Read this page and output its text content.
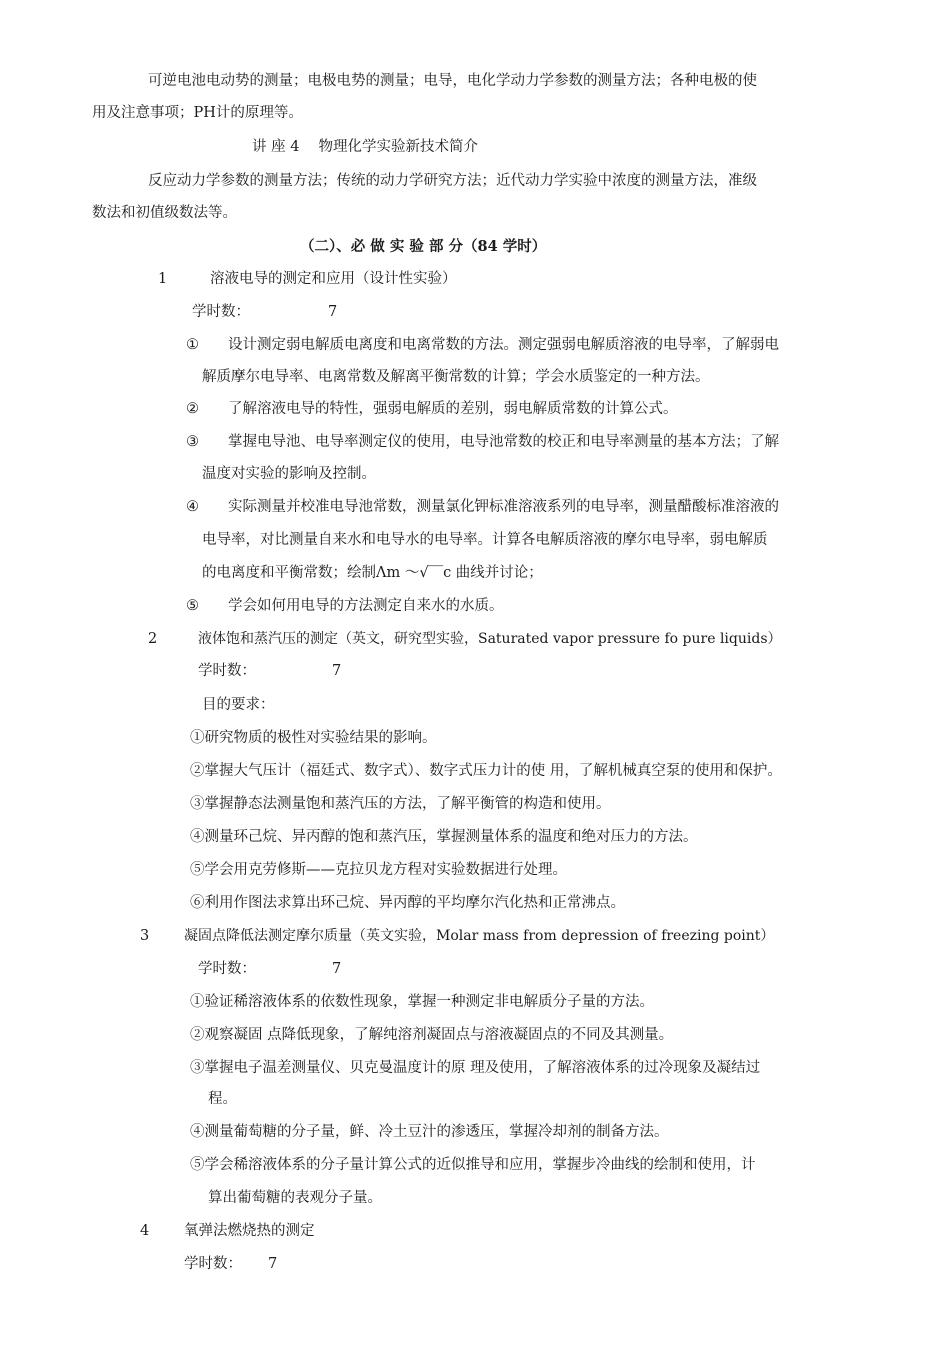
可逆电池电动势的测量；电极电势的测量；电导，电化学动力学参数的测量方法；各种电极的使
用及注意事项；PH计的原理等。
讲 座 4　 物理化学实验新技术简介
反应动力学参数的测量方法；传统的动力学研究方法；近代动力学实验中浓度的测量方法，准级
数法和初值级数法等。
（二）、必 做 实 验 部 分（84 学时）
1	溶液电导的测定和应用（设计性实验）
学时数：	7
① 设计测定弱电解质电离度和电离常数的方法。测定强弱电解质溶液的电导率，了解弱电
解质摩尔电导率、电离常数及解离平衡常数的计算；学会水质鉴定的一种方法。
② 了解溶液电导的特性，强弱电解质的差别，弱电解质常数的计算公式。
③ 掌握电导池、电导率测定仪的使用，电导池常数的校正和电导率测量的基本方法；了解
温度对实验的影响及控制。
④ 实际测量并校准电导池常数，测量氯化钾标准溶液系列的电导率，测量醋酸标准溶液的
电导率，对比测量自来水和电导水的电导率。计算各电解质溶液的摩尔电导率，弱电解质
的电离度和平衡常数；绘制Λm ～√‾‾c 曲线并讨论；
⑤ 学会如何用电导的方法测定自来水的水质。
2	液体饱和蒸汽压的测定（英文，研究型实验，Saturated vapor pressure fo pure liquids）
学时数：	7
目的要求：
①研究物质的极性对实验结果的影响。
②掌握大气压计（福廷式、数字式）、数字式压力计的使 用，了解机械真空泵的使用和保护。
③掌握静态法测量饱和蒸汽压的方法，了解平衡管的构造和使用。
④测量环己烷、异丙醇的饱和蒸汽压，掌握测量体系的温度和绝对压力的方法。
⑤学会用克劳修斯——克拉贝龙方程对实验数据进行处理。
⑥利用作图法求算出环己烷、异丙醇的平均摩尔汽化热和正常沸点。
3 凝固点降低法测定摩尔质量（英文实验，Molar mass from depression of freezing point）
学时数：	7
①验证稀溶液体系的依数性现象，掌握一种测定非电解质分子量的方法。
②观察凝固 点降低现象，了解纯溶剂凝固点与溶液凝固点的不同及其测量。
③掌握电子温差测量仪、贝克曼温度计的原 理及使用，了解溶液体系的过冷现象及凝结过
程。
④测量葡萄糖的分子量，鲜、冷土豆汁的渗透压，掌握冷却剂的制备方法。
⑤学会稀溶液体系的分子量计算公式的近似推导和应用，掌握步冷曲线的绘制和使用，计
算出葡萄糖的表观分子量。
4 氧弹法燃烧热的测定
学时数： 7
